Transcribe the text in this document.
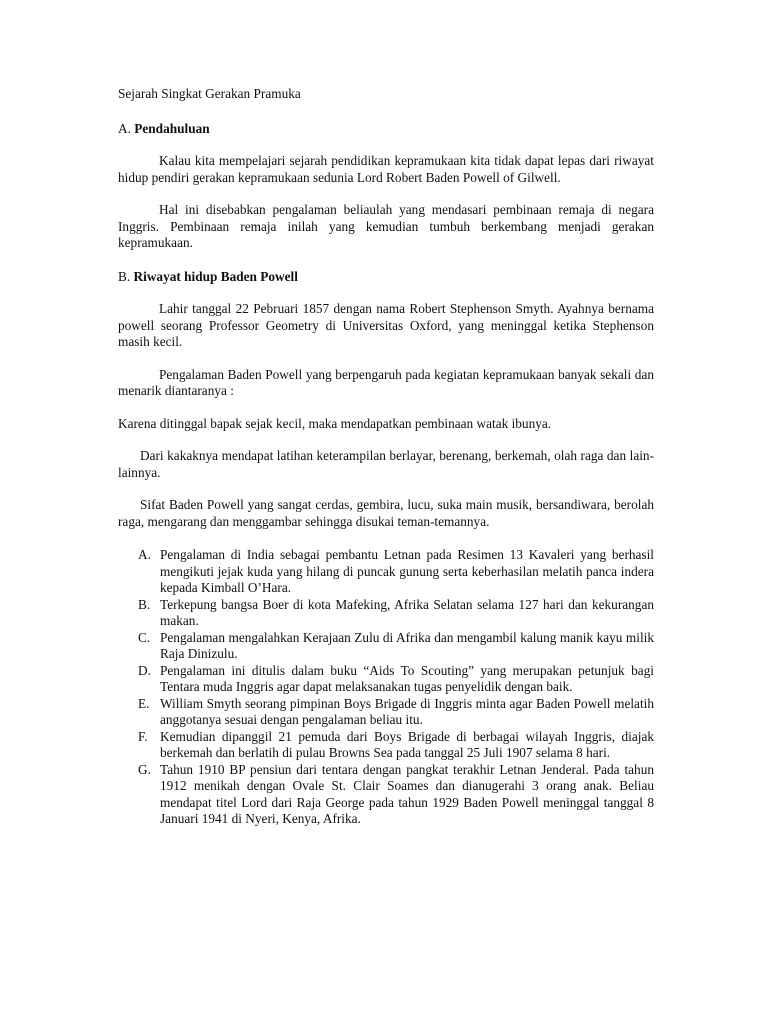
Sejarah Singkat Gerakan Pramuka
A. Pendahuluan

Kalau kita mempelajari sejarah pendidikan kepramukaan kita tidak dapat lepas dari riwayat hidup pendiri gerakan kepramukaan sedunia Lord Robert Baden Powell of Gilwell.

Hal ini disebabkan pengalaman beliaulah yang mendasari pembinaan remaja di negara Inggris. Pembinaan remaja inilah yang kemudian tumbuh berkembang menjadi gerakan kepramukaan.

B. Riwayat hidup Baden Powell

Lahir tanggal 22 Pebruari 1857 dengan nama Robert Stephenson Smyth. Ayahnya bernama powell seorang Professor Geometry di Universitas Oxford, yang meninggal ketika Stephenson masih kecil.

Pengalaman Baden Powell yang berpengaruh pada kegiatan kepramukaan banyak sekali dan menarik diantaranya :

Karena ditinggal bapak sejak kecil, maka mendapatkan pembinaan watak ibunya.

Dari kakaknya mendapat latihan keterampilan berlayar, berenang, berkemah, olah raga dan lain-lainnya.

Sifat Baden Powell yang sangat cerdas, gembira, lucu, suka main musik, bersandiwara, berolah raga, mengarang dan menggambar sehingga disukai teman-temannya.

A. Pengalaman di India sebagai pembantu Letnan pada Resimen 13 Kavaleri yang berhasil mengikuti jejak kuda yang hilang di puncak gunung serta keberhasilan melatih panca indera kepada Kimball O’Hara.
B. Terkepung bangsa Boer di kota Mafeking, Afrika Selatan selama 127 hari dan kekurangan makan.
C. Pengalaman mengalahkan Kerajaan Zulu di Afrika dan mengambil kalung manik kayu milik Raja Dinizulu.
D. Pengalaman ini ditulis dalam buku “Aids To Scouting” yang merupakan petunjuk bagi Tentara muda Inggris agar dapat melaksanakan tugas penyelidik dengan baik.
E. William Smyth seorang pimpinan Boys Brigade di Inggris minta agar Baden Powell melatih anggotanya sesuai dengan pengalaman beliau itu.
F. Kemudian dipanggil 21 pemuda dari Boys Brigade di berbagai wilayah Inggris, diajak berkemah dan berlatih di pulau Browns Sea pada tanggal 25 Juli 1907 selama 8 hari.
G. Tahun 1910 BP pensiun dari tentara dengan pangkat terakhir Letnan Jenderal. Pada tahun 1912 menikah dengan Ovale St. Clair Soames dan dianugerahi 3 orang anak. Beliau mendapat titel Lord dari Raja George pada tahun 1929 Baden Powell meninggal tanggal 8 Januari 1941 di Nyeri, Kenya, Afrika.
